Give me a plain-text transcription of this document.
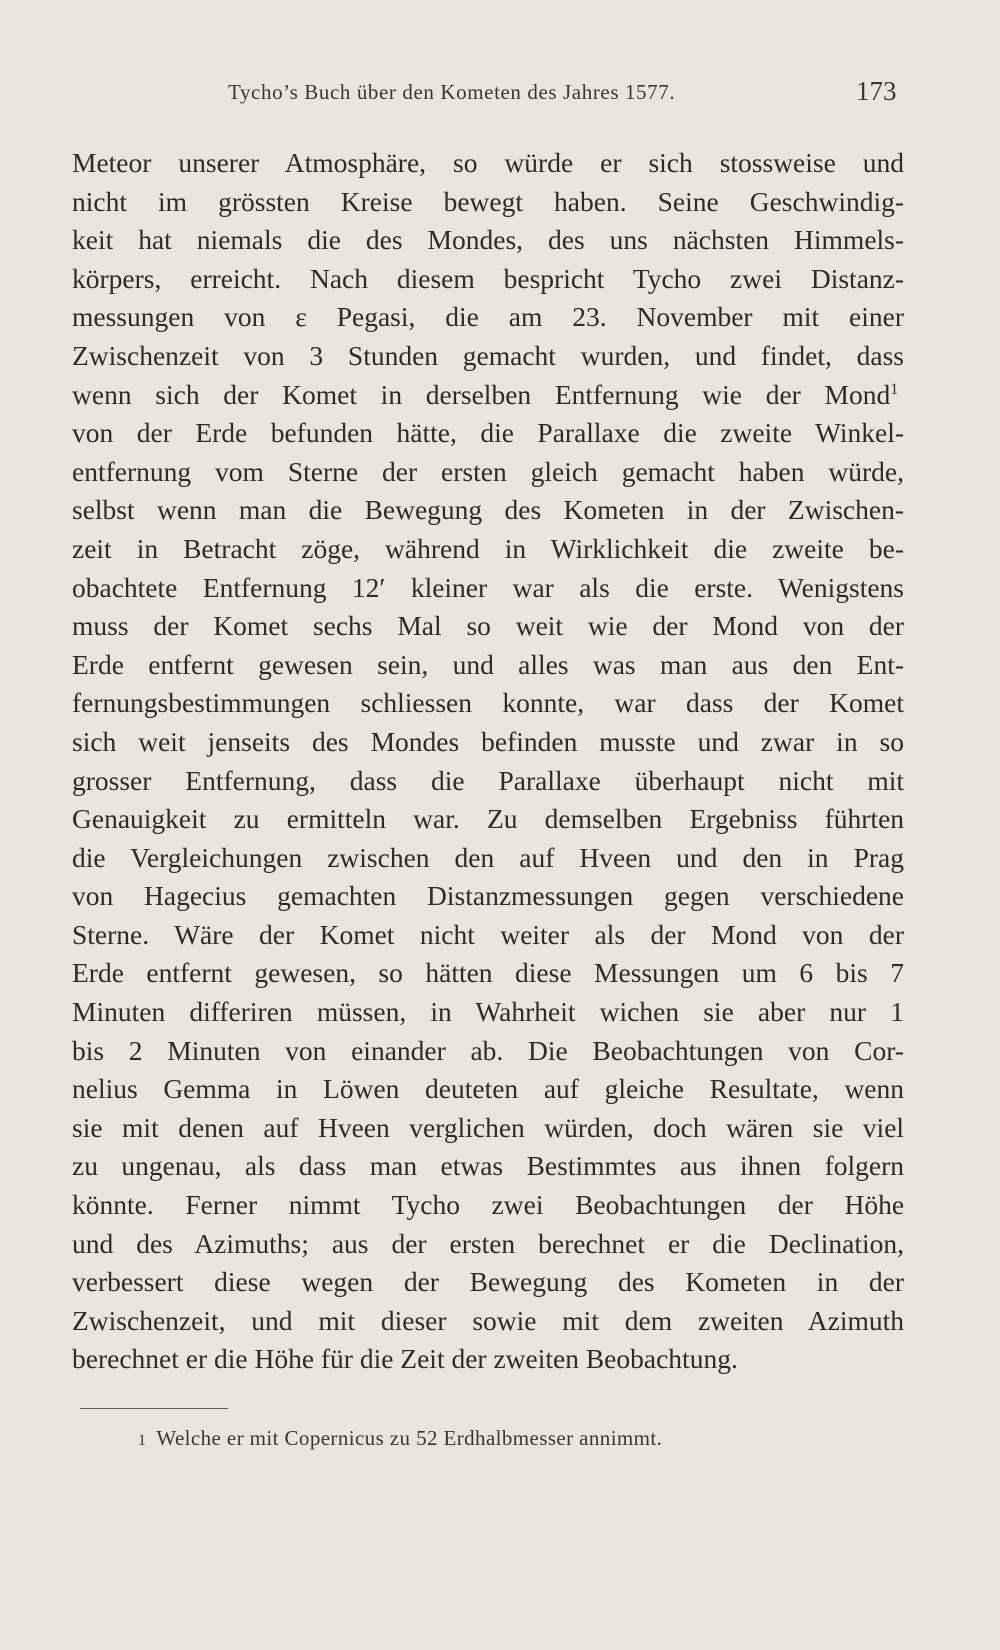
Tycho’s Buch über den Kometen des Jahres 1577.	173
Meteor unserer Atmosphäre, so würde er sich stossweise und
nicht im grössten Kreise bewegt haben. Seine Geschwindig-
keit hat niemals die des Mondes, des uns nächsten Himmels-
körpers, erreicht. Nach diesem bespricht Tycho zwei Distanz-
messungen von ε Pegasi, die am 23. November mit einer
Zwischenzeit von 3 Stunden gemacht wurden, und findet, dass
wenn sich der Komet in derselben Entfernung wie der Mond$^1$
von der Erde befunden hätte, die Parallaxe die zweite Winkel-
entfernung vom Sterne der ersten gleich gemacht haben würde,
selbst wenn man die Bewegung des Kometen in der Zwischen-
zeit in Betracht zöge, während in Wirklichkeit die zweite be-
obachtete Entfernung 12′ kleiner war als die erste. Wenigstens
muss der Komet sechs Mal so weit wie der Mond von der
Erde entfernt gewesen sein, und alles was man aus den Ent-
fernungsbestimmungen schliessen konnte, war dass der Komet
sich weit jenseits des Mondes befinden musste und zwar in so
grosser Entfernung, dass die Parallaxe überhaupt nicht mit
Genauigkeit zu ermitteln war. Zu demselben Ergebniss führten
die Vergleichungen zwischen den auf Hveen und den in Prag
von Hagecius gemachten Distanzmessungen gegen verschiedene
Sterne. Wäre der Komet nicht weiter als der Mond von der
Erde entfernt gewesen, so hätten diese Messungen um 6 bis 7
Minuten differiren müssen, in Wahrheit wichen sie aber nur 1
bis 2 Minuten von einander ab. Die Beobachtungen von Cor-
nelius Gemma in Löwen deuteten auf gleiche Resultate, wenn
sie mit denen auf Hveen verglichen würden, doch wären sie viel
zu ungenau, als dass man etwas Bestimmtes aus ihnen folgern
könnte. Ferner nimmt Tycho zwei Beobachtungen der Höhe
und des Azimuths; aus der ersten berechnet er die Declination,
verbessert diese wegen der Bewegung des Kometen in der
Zwischenzeit, und mit dieser sowie mit dem zweiten Azimuth
berechnet er die Höhe für die Zeit der zweiten Beobachtung.
1 Welche er mit Copernicus zu 52 Erdhalbmesser annimmt.
